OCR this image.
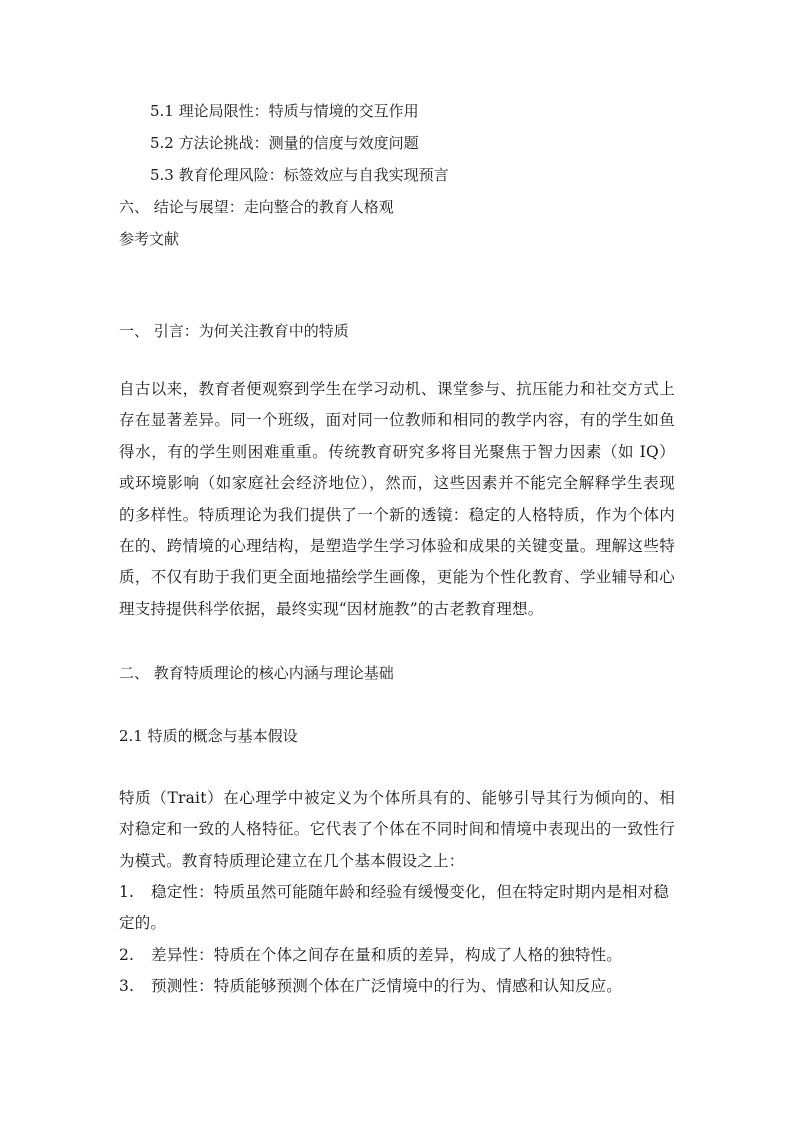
5.1 理论局限性：特质与情境的交互作用
5.2 方法论挑战：测量的信度与效度问题
5.3 教育伦理风险：标签效应与自我实现预言
六、 结论与展望：走向整合的教育人格观
参考文献
一、 引言：为何关注教育中的特质
自古以来，教育者便观察到学生在学习动机、课堂参与、抗压能力和社交方式上存在显著差异。同一个班级，面对同一位教师和相同的教学内容，有的学生如鱼得水，有的学生则困难重重。传统教育研究多将目光聚焦于智力因素（如 IQ）或环境影响（如家庭社会经济地位），然而，这些因素并不能完全解释学生表现的多样性。特质理论为我们提供了一个新的透镜：稳定的人格特质，作为个体内在的、跨情境的心理结构，是塑造学生学习体验和成果的关键变量。理解这些特质，不仅有助于我们更全面地描绘学生画像，更能为个性化教育、学业辅导和心理支持提供科学依据，最终实现“因材施教”的古老教育理想。
二、 教育特质理论的核心内涵与理论基础
2.1 特质的概念与基本假设
特质（Trait）在心理学中被定义为个体所具有的、能够引导其行为倾向的、相对稳定和一致的人格特征。它代表了个体在不同时间和情境中表现出的一致性行为模式。教育特质理论建立在几个基本假设之上：
1. 稳定性：特质虽然可能随年龄和经验有缓慢变化，但在特定时期内是相对稳定的。
2. 差异性：特质在个体之间存在量和质的差异，构成了人格的独特性。
3. 预测性：特质能够预测个体在广泛情境中的行为、情感和认知反应。
